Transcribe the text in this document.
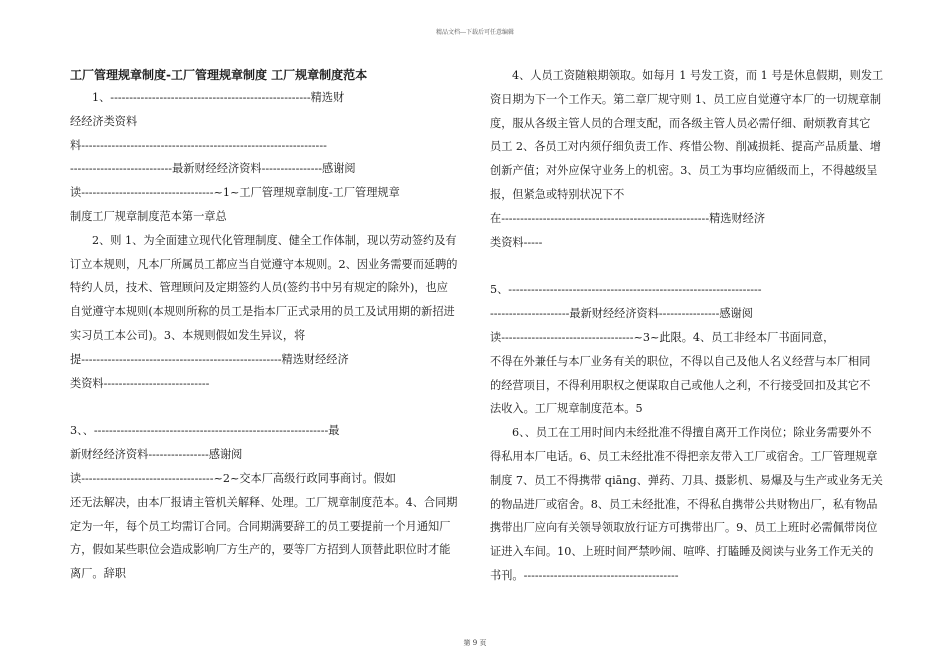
精品文档---下载后可任意编辑
工厂管理规章制度-工厂管理规章制度 工厂规章制度范本
1、-----------------------------------------------------精选财
经经济类资料
料-----------------------------------------------------------------
---------------------------最新财经经济资料----------------感谢阅
读-----------------------------------~1~工厂管理规章制度-工厂管理规章
制度工厂规章制度范本第一章总
2、则 1、为全面建立现代化管理制度、健全工作体制，现以劳动签约及有
订立本规则，凡本厂所属员工都应当自觉遵守本规则。2、因业务需要而延聘的
特约人员，技术、管理顾问及定期签约人员(签约书中另有规定的除外)，也应
自觉遵守本规则(本规则所称的员工是指本厂正式录用的员工及试用期的新招进
实习员工本公司)。3、本规则假如发生异议，将
提-----------------------------------------------------精选财经经济
类资料----------------------------
3、、--------------------------------------------------------------最
新财经经济资料----------------感谢阅
读-----------------------------------~2~交本厂高级行政同事商讨。假如
还无法解决，由本厂报请主管机关解释、处理。工厂规章制度范本。4、合同期
定为一年，每个员工均需订合同。合同期满要辞工的员工要提前一个月通知厂
方，假如某些职位会造成影响厂方生产的，要等厂方招到人顶替此职位时才能
离厂。辞职
4、人员工资随粮期领取。如每月 1 号发工资，而 1 号是休息假期，则发工
资日期为下一个工作天。第二章厂规守则 1、员工应自觉遵守本厂的一切规章制
度，服从各级主管人员的合理支配，而各级主管人员必需仔细、耐烦教育其它
员工 2、各员工对内须仔细负责工作、疼惜公物、削减损耗、提高产品质量、增
创新产值；对外应保守业务上的机密。3、员工为事均应循级而上，不得越级呈
报，但紧急或特别状况下不
在-------------------------------------------------------精选财经济
类资料-----
5、-------------------------------------------------------------------
---------------------最新财经经济资料----------------感谢阅
读-----------------------------------~3~此限。4、员工非经本厂书面同意，
不得在外兼任与本厂业务有关的职位，不得以自己及他人名义经营与本厂相同
的经营项目，不得利用职权之便谋取自己或他人之利，不行接受回扣及其它不
法收入。工厂规章制度范本。5
6、、员工在工用时间内未经批准不得擅自离开工作岗位；除业务需要外不
得私用本厂电话。6、员工未经批准不得把亲友带入工厂或宿舍。工厂管理规章
制度 7、员工不得携带 qiāng、弹药、刀具、摄影机、易爆及与生产或业务无关
的物品进厂或宿舍。8、员工未经批准，不得私自携带公共财物出厂，私有物品
携带出厂应向有关领导领取放行证方可携带出厂。9、员工上班时必需佩带岗位
证进入车间。10、上班时间严禁吵闹、喧哗、打瞌睡及阅读与业务工作无关的
书刊。-----------------------------------------
第 9 页
